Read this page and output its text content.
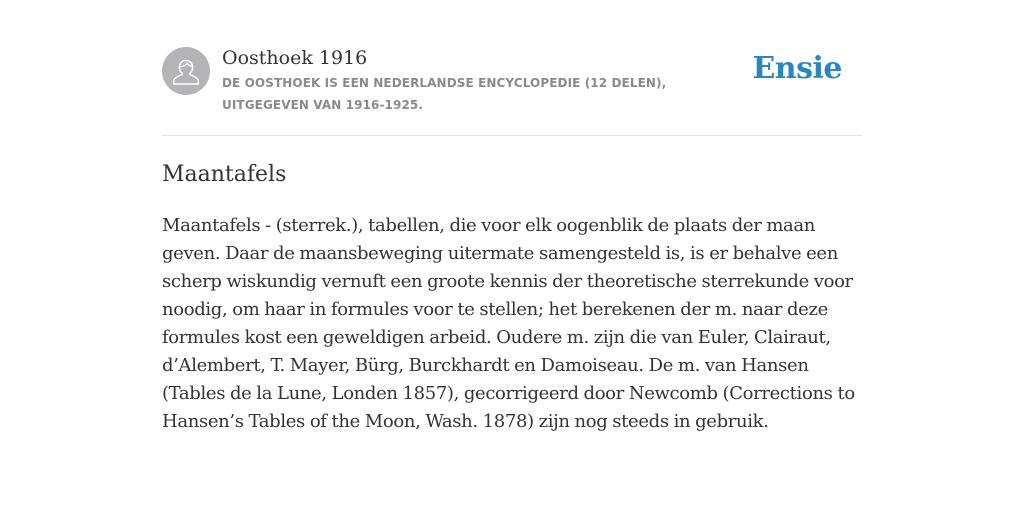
Oosthoek 1916
DE OOSTHOEK IS EEN NEDERLANDSE ENCYCLOPEDIE (12 DELEN), UITGEGEVEN VAN 1916-1925.
Ensie
Maantafels
Maantafels - (sterrek.), tabellen, die voor elk oogenblik de plaats der maan geven. Daar de maansbeweging uitermate samengesteld is, is er behalve een scherp wiskundig vernuft een groote kennis der theoretische sterrekunde voor noodig, om haar in formules voor te stellen; het berekenen der m. naar deze formules kost een geweldigen arbeid. Oudere m. zijn die van Euler, Clairaut, d’Alembert, T. Mayer, Bürg, Burckhardt en Damoiseau. De m. van Hansen (Tables de la Lune, Londen 1857), gecorrigeerd door Newcomb (Corrections to Hansen’s Tables of the Moon, Wash. 1878) zijn nog steeds in gebruik.
